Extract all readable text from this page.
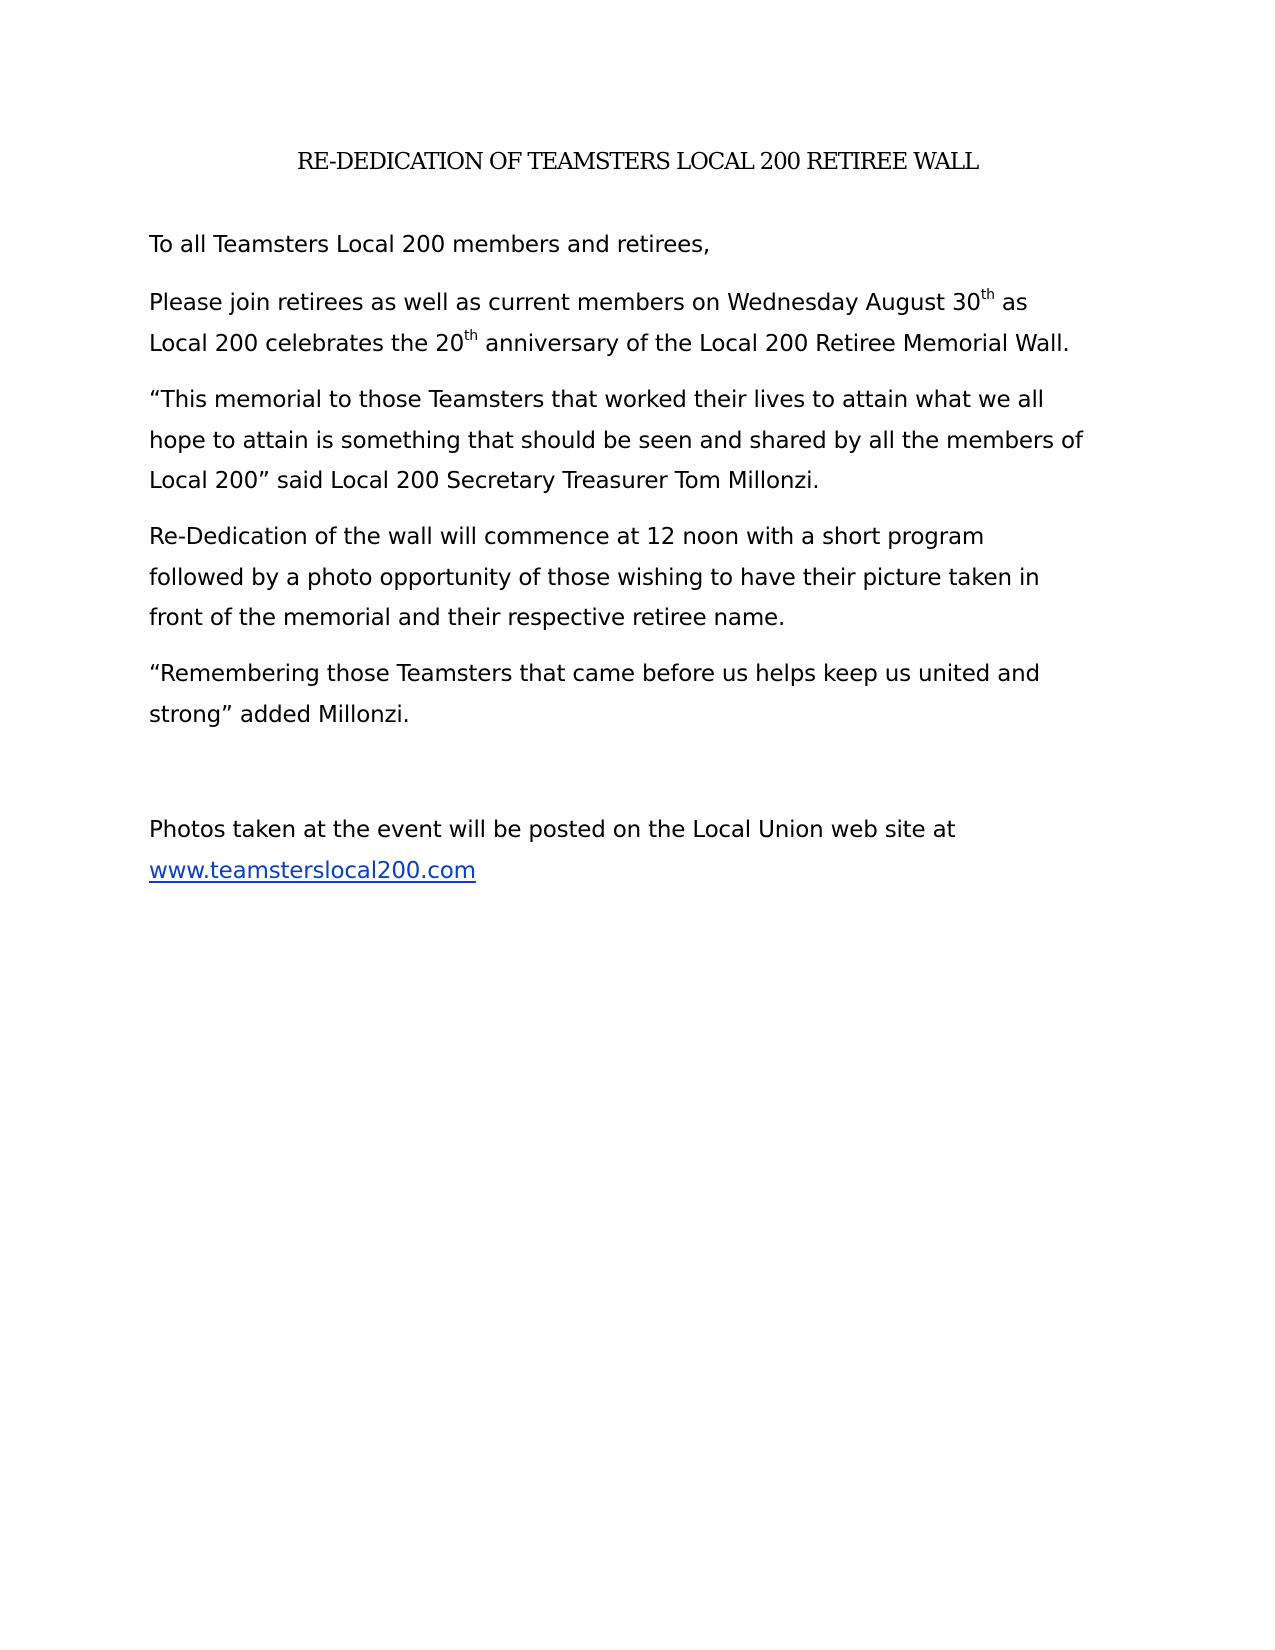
RE-DEDICATION OF TEAMSTERS LOCAL 200 RETIREE WALL

To all Teamsters Local 200 members and retirees,

Please join retirees as well as current members on Wednesday August 30th as

Local 200 celebrates the 20th anniversary of the Local 200 Retiree Memorial Wall.

“This memorial to those Teamsters that worked their lives to attain what we all

hope to attain is something that should be seen and shared by all the members of

Local 200” said Local 200 Secretary Treasurer Tom Millonzi.

Re-Dedication of the wall will commence at 12 noon with a short program

followed by a photo opportunity of those wishing to have their picture taken in

front of the memorial and their respective retiree name.

“Remembering those Teamsters that came before us helps keep us united and

strong” added Millonzi.

Photos taken at the event will be posted on the Local Union web site at

www.teamsterslocal200.com
